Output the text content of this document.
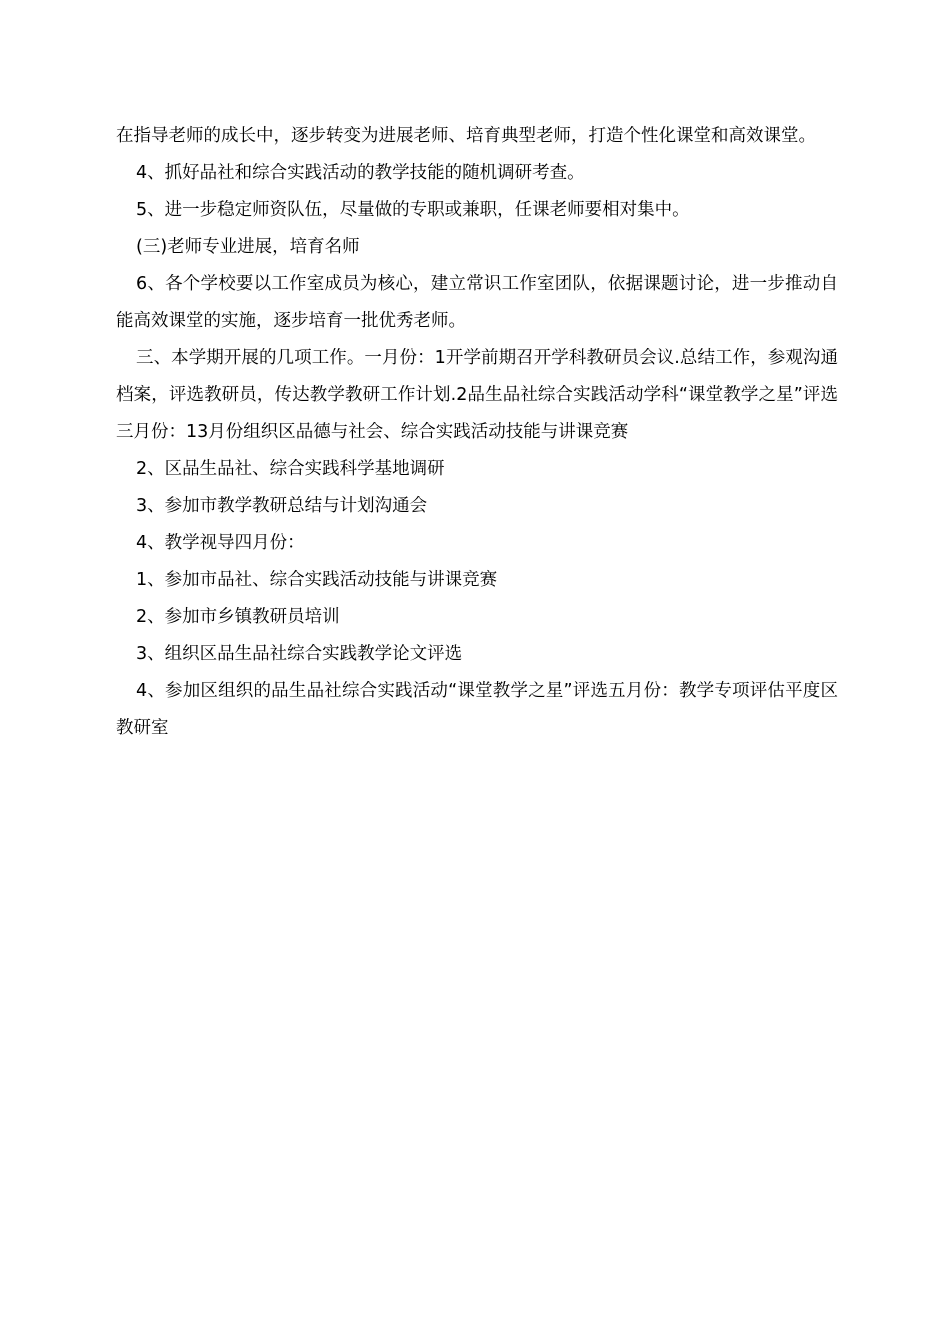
在指导老师的成长中，逐步转变为进展老师、培育典型老师，打造个性化课堂和高效课堂。

4、抓好品社和综合实践活动的教学技能的随机调研考查。

5、进一步稳定师资队伍，尽量做的专职或兼职，任课老师要相对集中。

(三)老师专业进展，培育名师

6、各个学校要以工作室成员为核心，建立常识工作室团队，依据课题讨论，进一步推动自能高效课堂的实施，逐步培育一批优秀老师。

三、本学期开展的几项工作。一月份：1开学前期召开学科教研员会议.总结工作，参观沟通档案，评选教研员，传达教学教研工作计划.2品生品社综合实践活动学科“课堂教学之星”评选三月份：13月份组织区品德与社会、综合实践活动技能与讲课竞赛

2、区品生品社、综合实践科学基地调研

3、参加市教学教研总结与计划沟通会

4、教学视导四月份：

1、参加市品社、综合实践活动技能与讲课竞赛

2、参加市乡镇教研员培训

3、组织区品生品社综合实践教学论文评选

4、参加区组织的品生品社综合实践活动“课堂教学之星”评选五月份：教学专项评估平度区教研室
